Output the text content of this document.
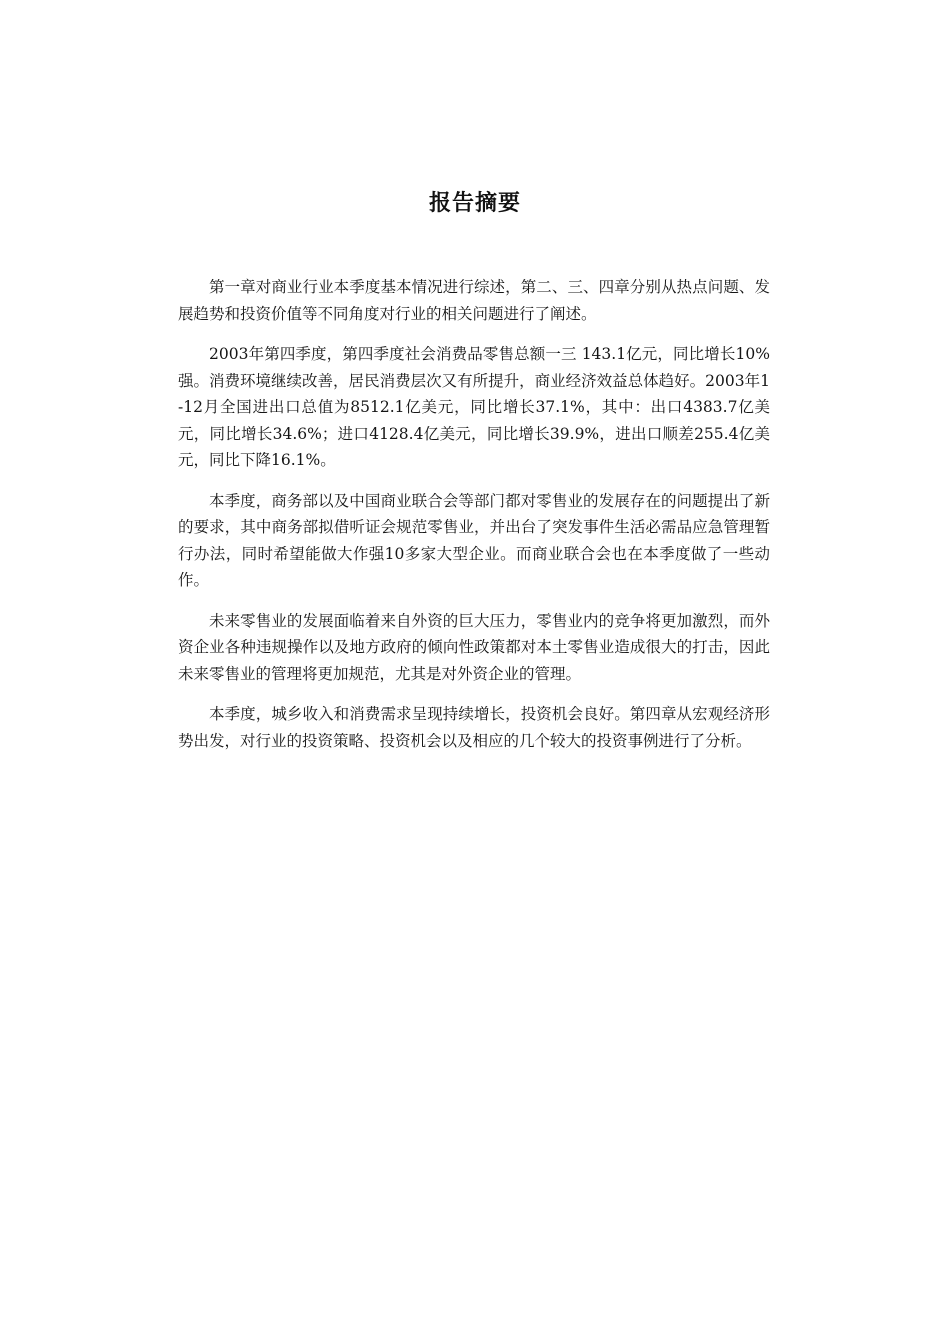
报告摘要

第一章对商业行业本季度基本情况进行综述，第二、三、四章分别从热点问题、发展趋势和投资价值等不同角度对行业的相关问题进行了阐述。

2003年第四季度，第四季度社会消费品零售总额一三 143.1亿元，同比增长10%强。消费环境继续改善，居民消费层次又有所提升，商业经济效益总体趋好。2003年1-12月全国进出口总值为8512.1亿美元，同比增长37.1%，其中：出口4383.7亿美元，同比增长34.6%；进口4128.4亿美元，同比增长39.9%，进出口顺差255.4亿美元，同比下降16.1%。

本季度，商务部以及中国商业联合会等部门都对零售业的发展存在的问题提出了新的要求，其中商务部拟借听证会规范零售业，并出台了突发事件生活必需品应急管理暂行办法，同时希望能做大作强10多家大型企业。而商业联合会也在本季度做了一些动作。

未来零售业的发展面临着来自外资的巨大压力，零售业内的竞争将更加激烈，而外资企业各种违规操作以及地方政府的倾向性政策都对本土零售业造成很大的打击，因此未来零售业的管理将更加规范，尤其是对外资企业的管理。

本季度，城乡收入和消费需求呈现持续增长，投资机会良好。第四章从宏观经济形势出发，对行业的投资策略、投资机会以及相应的几个较大的投资事例进行了分析。
